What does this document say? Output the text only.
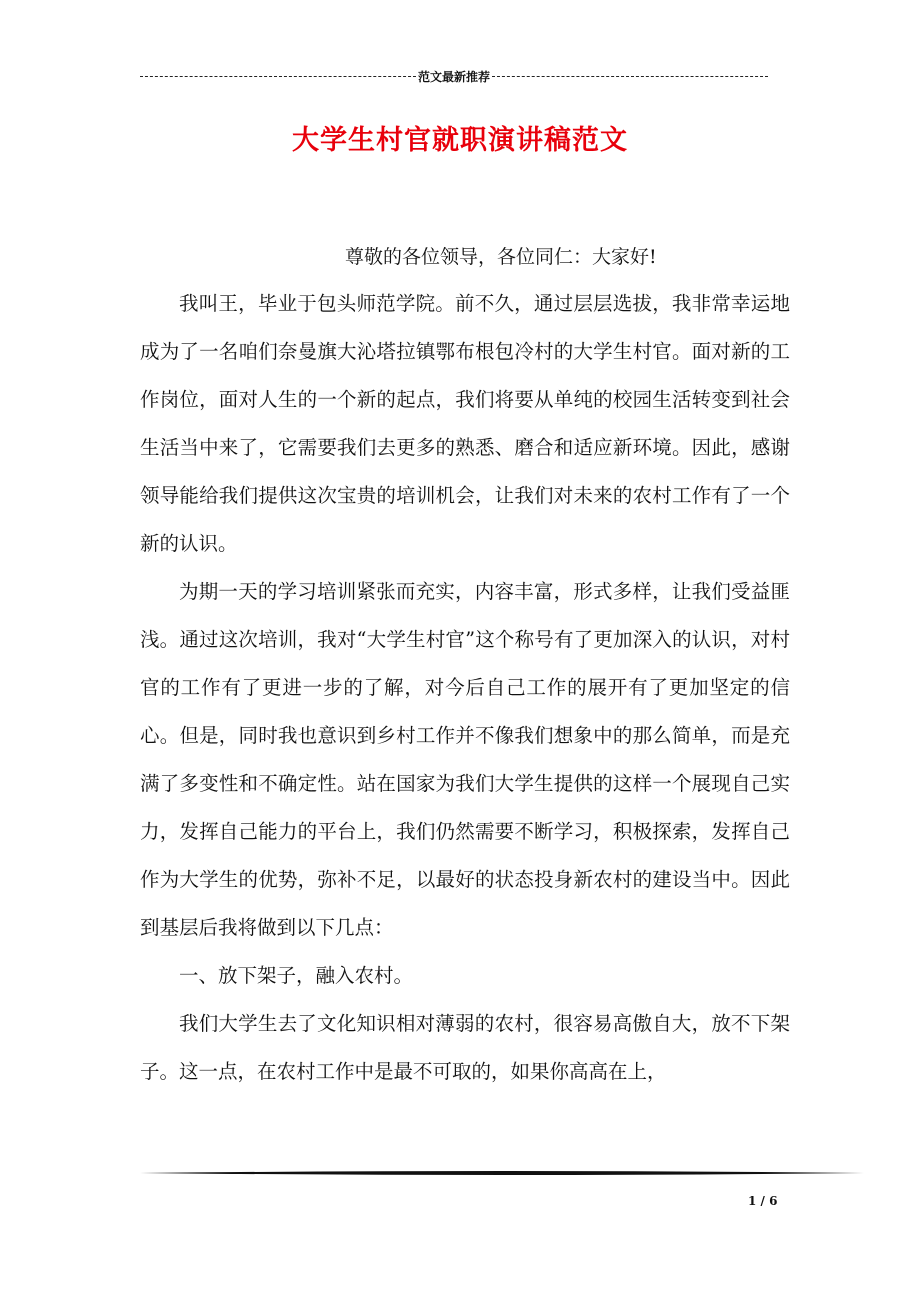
范文最新推荐
大学生村官就职演讲稿范文
尊敬的各位领导，各位同仁：大家好!

我叫王，毕业于包头师范学院。前不久，通过层层选拔，我非常幸运地成为了一名咱们奈曼旗大沁塔拉镇鄂布根包冷村的大学生村官。面对新的工作岗位，面对人生的一个新的起点，我们将要从单纯的校园生活转变到社会生活当中来了，它需要我们去更多的熟悉、磨合和适应新环境。因此，感谢领导能给我们提供这次宝贵的培训机会，让我们对未来的农村工作有了一个新的认识。

为期一天的学习培训紧张而充实，内容丰富，形式多样，让我们受益匪浅。通过这次培训，我对“大学生村官”这个称号有了更加深入的认识，对村官的工作有了更进一步的了解，对今后自己工作的展开有了更加坚定的信心。但是，同时我也意识到乡村工作并不像我们想象中的那么简单，而是充满了多变性和不确定性。站在国家为我们大学生提供的这样一个展现自己实力，发挥自己能力的平台上，我们仍然需要不断学习，积极探索，发挥自己作为大学生的优势，弥补不足，以最好的状态投身新农村的建设当中。因此到基层后我将做到以下几点：

一、放下架子，融入农村。

我们大学生去了文化知识相对薄弱的农村，很容易高傲自大，放不下架子。这一点，在农村工作中是最不可取的，如果你高高在上，

1 / 6
